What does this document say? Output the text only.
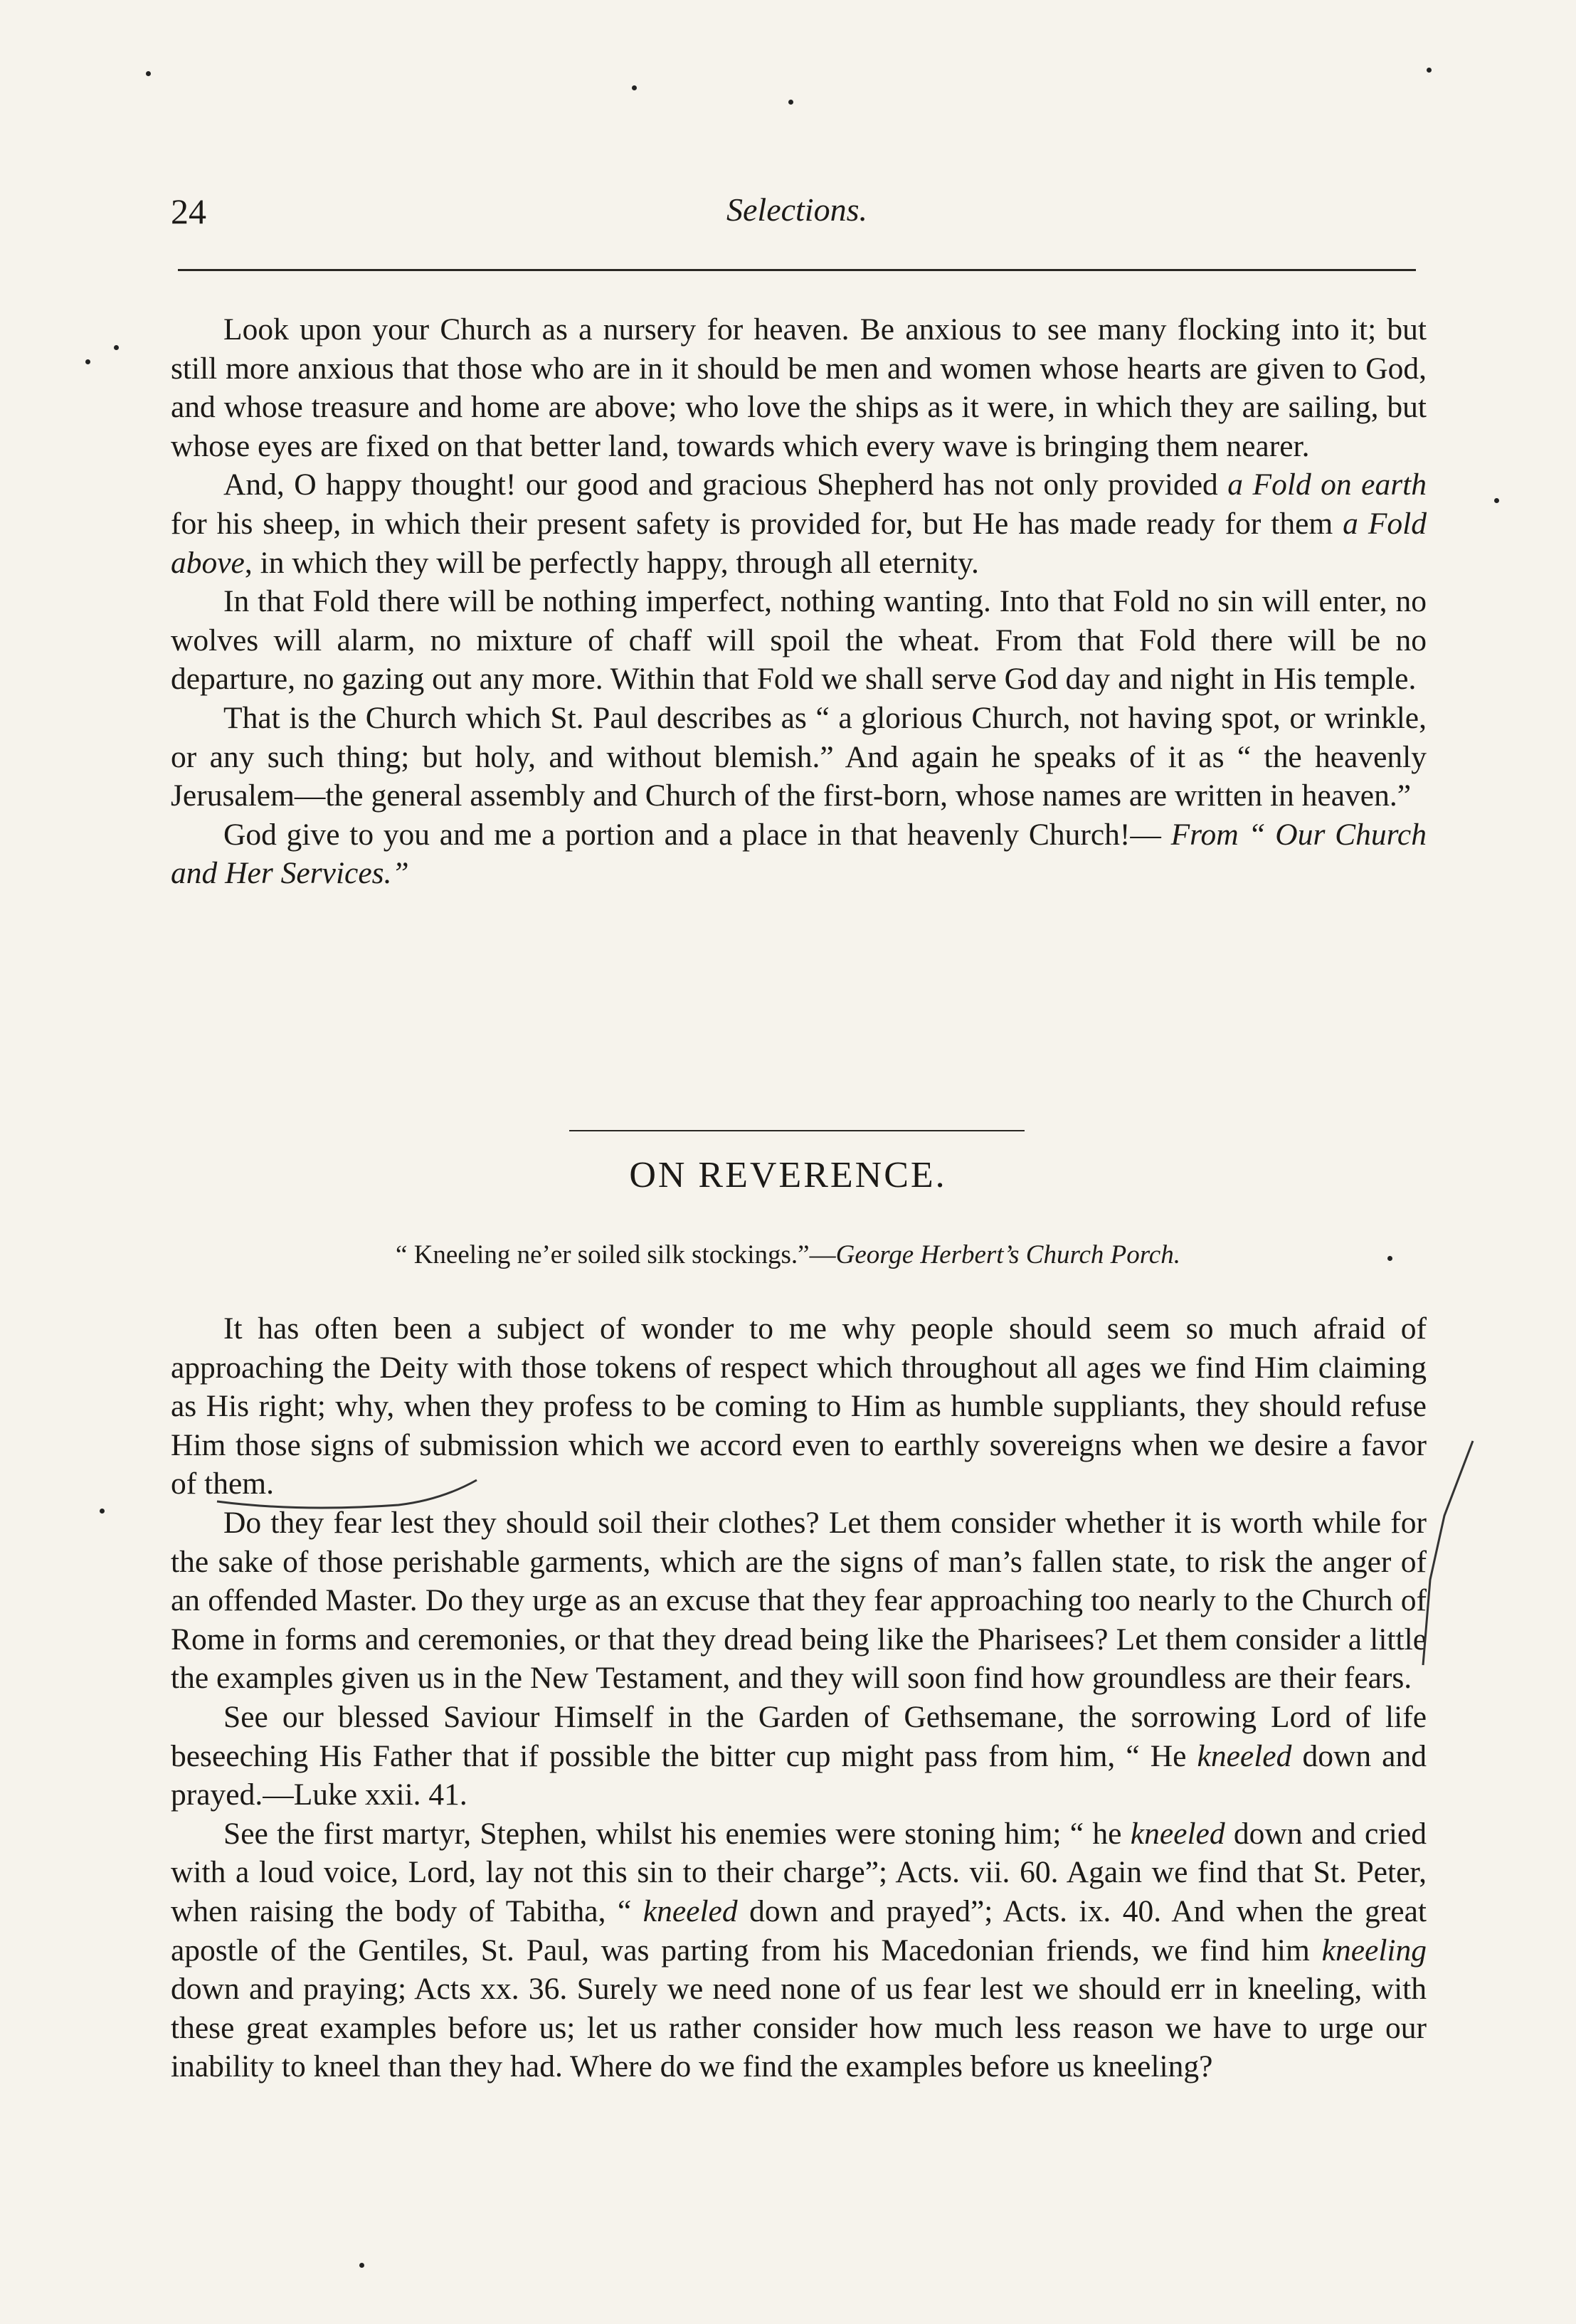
24	Selections.

Look upon your Church as a nursery for heaven. Be anxious to see many flocking into it; but still more anxious that those who are in it should be men and women whose hearts are given to God, and whose treasure and home are above; who love the ships as it were, in which they are sailing, but whose eyes are fixed on that better land, towards which every wave is bringing them nearer.

And, O happy thought! our good and gracious Shepherd has not only provided a Fold on earth for his sheep, in which their present safety is provided for, but He has made ready for them a Fold above, in which they will be perfectly happy, through all eternity.

In that Fold there will be nothing imperfect, nothing wanting. Into that Fold no sin will enter, no wolves will alarm, no mixture of chaff will spoil the wheat. From that Fold there will be no departure, no gazing out any more. Within that Fold we shall serve God day and night in His temple.

That is the Church which St. Paul describes as “ a glorious Church, not having spot, or wrinkle, or any such thing; but holy, and without blemish.” And again he speaks of it as “ the heavenly Jerusalem—the general assembly and Church of the first-born, whose names are written in heaven.”

God give to you and me a portion and a place in that heavenly Church!— From “ Our Church and Her Services.”

ON REVERENCE.
“ Kneeling ne’er soiled silk stockings.”—George Herbert’s Church Porch.

It has often been a subject of wonder to me why people should seem so much afraid of approaching the Deity with those tokens of respect which throughout all ages we find Him claiming as His right; why, when they profess to be coming to Him as humble suppliants, they should refuse Him those signs of submission which we accord even to earthly sovereigns when we desire a favor of them.

Do they fear lest they should soil their clothes? Let them consider whether it is worth while for the sake of those perishable garments, which are the signs of man’s fallen state, to risk the anger of an offended Master. Do they urge as an excuse that they fear approaching too nearly to the Church of Rome in forms and ceremonies, or that they dread being like the Pharisees? Let them consider a little the examples given us in the New Testament, and they will soon find how groundless are their fears.

See our blessed Saviour Himself in the Garden of Gethsemane, the sorrowing Lord of life beseeching His Father that if possible the bitter cup might pass from him, “ He kneeled down and prayed.—Luke xxii. 41.

See the first martyr, Stephen, whilst his enemies were stoning him; “ he kneeled down and cried with a loud voice, Lord, lay not this sin to their charge”; Acts. vii. 60. Again we find that St. Peter, when raising the body of Tabitha, “ kneeled down and prayed”; Acts. ix. 40. And when the great apostle of the Gentiles, St. Paul, was parting from his Macedonian friends, we find him kneeling down and praying; Acts xx. 36. Surely we need none of us fear lest we should err in kneeling, with these great examples before us; let us rather consider how much less reason we have to urge our inability to kneel than they had. Where do we find the examples before us kneeling?
